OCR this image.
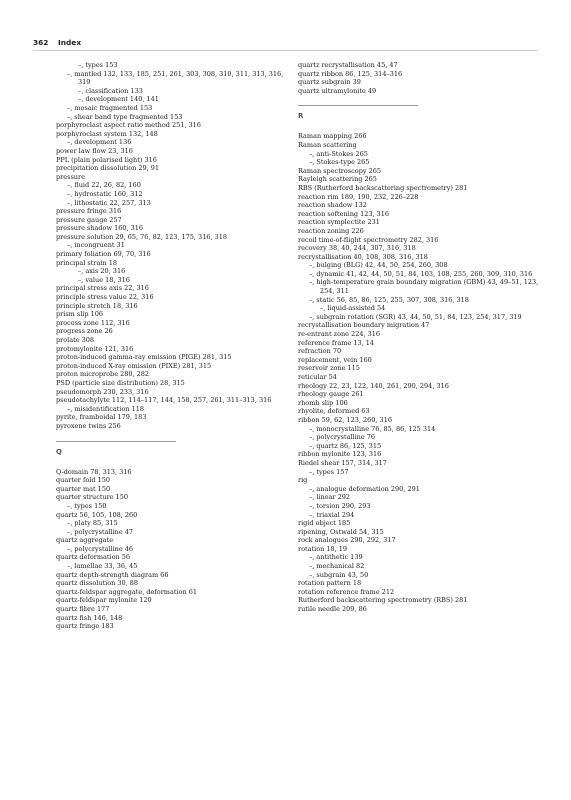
362 Index
–, types 153
–, mantled 132, 133, 185, 251, 261, 303, 308, 310, 311, 313, 316, 319
–, classification 133
–, development 140, 141
–, mosaic fragmented 153
–, shear band type fragmented 153
porphyroclast aspect ratio method 251, 316
porphyroclast system 132, 148
–, development 136
power law flow 23, 316
PPL (plain polarised light) 316
precipitation dissolution 29, 91
pressure
–, fluid 22, 26, 82, 160
–, hydrostatic 160, 312
–, lithostatic 22, 257, 313
pressure fringe 316
pressure gauge 257
pressure shadow 160, 316
pressure solution 29, 65, 76, 82, 123, 175, 316, 318
–, incongruent 31
primary foliation 69, 70, 316
principal strain 18
–, axis 20, 316
–, value 18, 316
principal stress axis 22, 316
principle stress value 22, 316
principle stretch 18, 316
prism slip 106
process zone 112, 316
progress zone 26
prolate 308
protomylonite 121, 316
proton-induced gamma-ray emission (PIGE) 281, 315
proton-induced X-ray emission (PIXE) 281, 315
proton microprobe 280, 282
PSD (particle size distribution) 28, 315
pseudomorph 230, 233, 316
pseudotachylyte 112, 114–117, 144, 158, 257, 261, 311–313, 316
–, misidentification 118
pyrite, framboidal 179, 183
pyroxene twins 256
Q
Q-domain 78, 313, 316
quarter fold 150
quarter mat 150
quarter structure 150
–, types 150
quartz 56, 105, 108, 260
–, platy 85, 315
–, polycrystalline 47
quartz aggregate
–, polycrystalline 46
quartz deformation 56
–, lamellae 33, 36, 45
quartz depth-strength diagram 66
quartz dissolution 30, 88
quartz-feldspar aggregate, deformation 61
quartz-feldspar mylonite 120
quartz fibre 177
quartz fish 146, 148
quartz fringe 183
quartz recrystallisation 45, 47
quartz ribbon 86, 125, 314–316
quartz subgrain 39
quartz ultramylonite 49
R
Raman mapping 266
Raman scattering
–, anti-Stokes 265
–, Stokes-type 265
Raman spectroscopy 265
Rayleigh scattering 265
RBS (Rutherford backscattering spectrometry) 281
reaction rim 189, 190, 232, 226–228
reaction shadow 132
reaction softening 123, 316
reaction symplectite 231
reaction zoning 226
recoil time-of-flight spectrometry 282, 316
recovery 38, 40, 244, 307, 316, 318
recrystallisation 40, 108, 308, 316, 318
–, bulging (BLG) 42, 44, 50, 254, 260, 308
–, dynamic 41, 42, 44, 50, 51, 84, 103, 108, 255, 260, 309, 310, 316
–, high-temperature grain boundary migration (GBM) 43, 49–51, 123, 254, 311
–, static 56, 85, 86, 125, 255, 307, 308, 316, 318
–, liquid-assisted 54
–, subgrain rotation (SGR) 43, 44, 50, 51, 84, 123, 254, 317, 319
recrystallisation boundary migration 47
re-entrant zone 224, 316
reference frame 13, 14
refraction 70
replacement, vein 160
reservoir zone 115
reticular 54
rheology 22, 23, 122, 140, 261, 290, 294, 316
rheology gauge 261
rhomb slip 106
rhyolite, deformed 63
ribbon 59, 62, 123, 260, 316
–, monocrystalline 76, 85, 86, 125 314
–, polycrystalline 76
–, quartz 86, 125, 315
ribbon mylonite 123, 316
Riedel shear 157, 314, 317
–, types 157
rig
–, analogue deformation 290, 291
–, linear 292
–, torsion 290, 293
–, triaxial 294
rigid object 185
ripening, Ostwald 54, 315
rock analogues 290, 292, 317
rotation 18, 19
–, antithetic 139
–, mechanical 82
–, subgrain 43, 50
rotation pattern 18
rotation reference frame 212
Rutherford backscattering spectrometry (RBS) 281
rutile needle 209, 86
